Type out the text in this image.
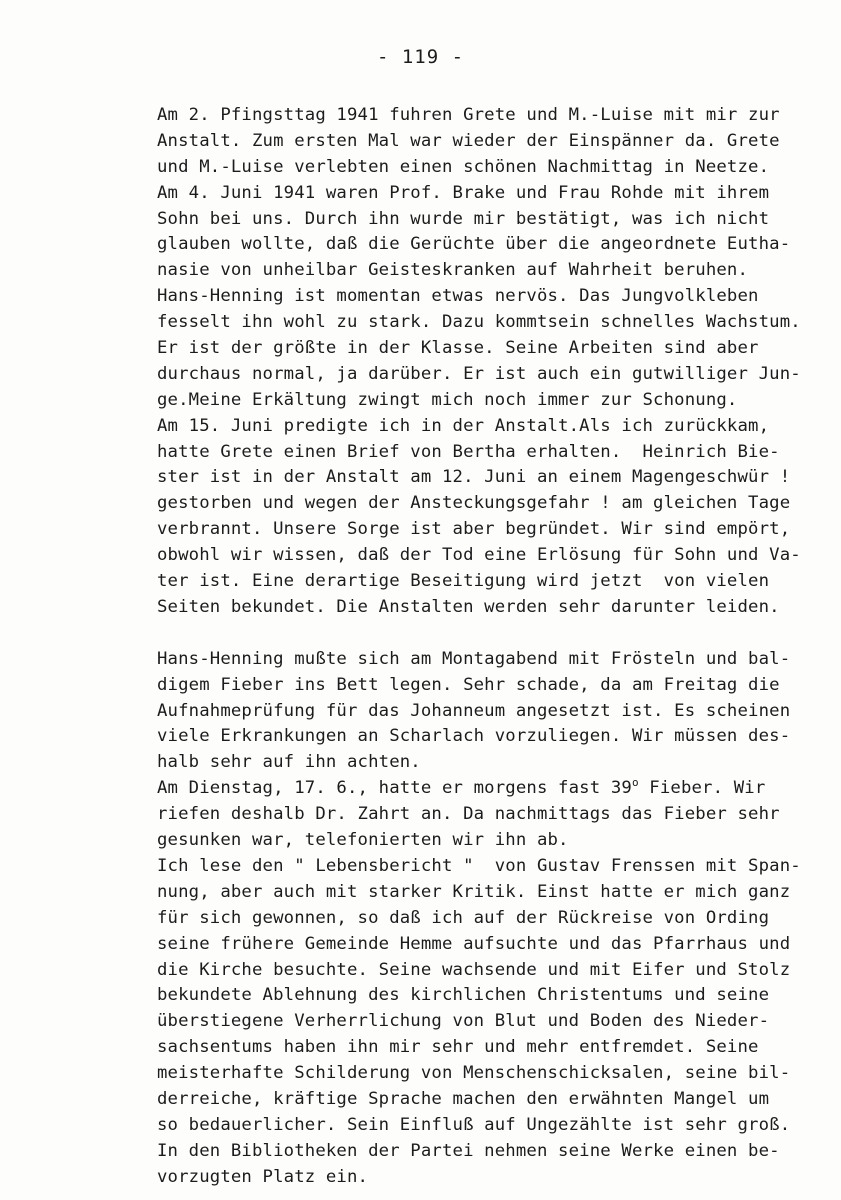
- 119 -
Am 2. Pfingsttag 1941 fuhren Grete und M.-Luise mit mir zur
Anstalt. Zum ersten Mal war wieder der Einspänner da. Grete
und M.-Luise verlebten einen schönen Nachmittag in Neetze.
Am 4. Juni 1941 waren Prof. Brake und Frau Rohde mit ihrem
Sohn bei uns. Durch ihn wurde mir bestätigt, was ich nicht
glauben wollte, daß die Gerüchte über die angeordnete Eutha-
nasie von unheilbar Geisteskranken auf Wahrheit beruhen.
Hans-Henning ist momentan etwas nervös. Das Jungvolkleben
fesselt ihn wohl zu stark. Dazu kommtsein schnelles Wachstum.
Er ist der größte in der Klasse. Seine Arbeiten sind aber
durchaus normal, ja darüber. Er ist auch ein gutwilliger Jun-
ge.Meine Erkältung zwingt mich noch immer zur Schonung.
Am 15. Juni predigte ich in der Anstalt.Als ich zurückkam,
hatte Grete einen Brief von Bertha erhalten.  Heinrich Bie-
ster ist in der Anstalt am 12. Juni an einem Magengeschwür !
gestorben und wegen der Ansteckungsgefahr ! am gleichen Tage
verbrannt. Unsere Sorge ist aber begründet. Wir sind empört,
obwohl wir wissen, daß der Tod eine Erlösung für Sohn und Va-
ter ist. Eine derartige Beseitigung wird jetzt  von vielen
Seiten bekundet. Die Anstalten werden sehr darunter leiden.
Hans-Henning mußte sich am Montagabend mit Frösteln und bal-
digem Fieber ins Bett legen. Sehr schade, da am Freitag die
Aufnahmeprüfung für das Johanneum angesetzt ist. Es scheinen
viele Erkrankungen an Scharlach vorzuliegen. Wir müssen des-
halb sehr auf ihn achten.
Am Dienstag, 17. 6., hatte er morgens fast 39$^o$ Fieber. Wir
riefen deshalb Dr. Zahrt an. Da nachmittags das Fieber sehr
gesunken war, telefonierten wir ihn ab.
Ich lese den " Lebensbericht "  von Gustav Frenssen mit Span-
nung, aber auch mit starker Kritik. Einst hatte er mich ganz
für sich gewonnen, so daß ich auf der Rückreise von Ording
seine frühere Gemeinde Hemme aufsuchte und das Pfarrhaus und
die Kirche besuchte. Seine wachsende und mit Eifer und Stolz
bekundete Ablehnung des kirchlichen Christentums und seine
überstiegene Verherrlichung von Blut und Boden des Nieder-
sachsentums haben ihn mir sehr und mehr entfremdet. Seine
meisterhafte Schilderung von Menschenschicksalen, seine bil-
derreiche, kräftige Sprache machen den erwähnten Mangel um
so bedauerlicher. Sein Einfluß auf Ungezählte ist sehr groß.
In den Bibliotheken der Partei nehmen seine Werke einen be-
vorzugten Platz ein.
